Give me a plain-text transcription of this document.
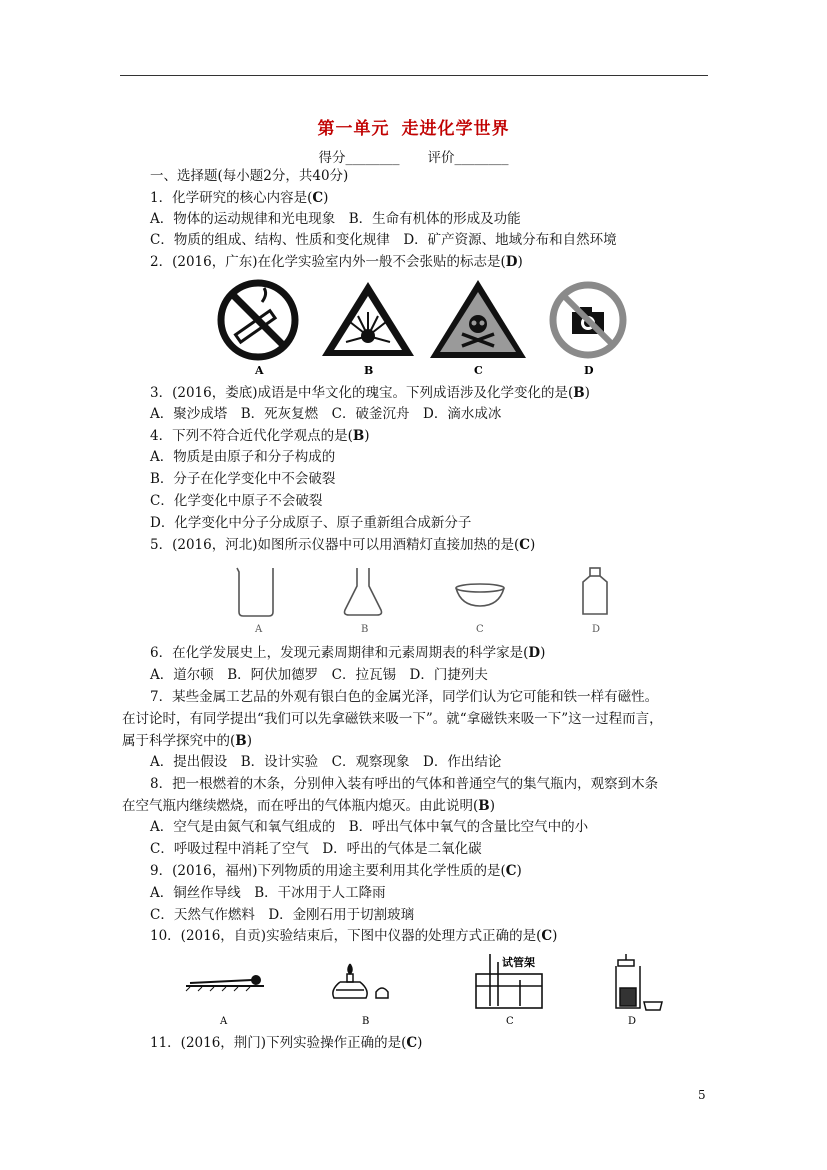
第一单元 走进化学世界
得分________ 评价________
一、选择题(每小题2分，共40分)
1．化学研究的核心内容是(C)
A．物体的运动规律和光电现象　B．生命有机体的形成及功能
C．物质的组成、结构、性质和变化规律　D．矿产资源、地域分布和自然环境
2．(2016，广东)在化学实验室内外一般不会张贴的标志是(D)
A	B	C	D
3．(2016，娄底)成语是中华文化的瑰宝。下列成语涉及化学变化的是(B)
A．聚沙成塔　B．死灰复燃　C．破釜沉舟　D．滴水成冰
4．下列不符合近代化学观点的是(B)
A．物质是由原子和分子构成的
B．分子在化学变化中不会破裂
C．化学变化中原子不会破裂
D．化学变化中分子分成原子、原子重新组合成新分子
5．(2016，河北)如图所示仪器中可以用酒精灯直接加热的是(C)
A	B	C	D
6．在化学发展史上，发现元素周期律和元素周期表的科学家是(D)
A．道尔顿　B．阿伏加德罗　C．拉瓦锡　D．门捷列夫
7．某些金属工艺品的外观有银白色的金属光泽，同学们认为它可能和铁一样有磁性。
在讨论时，有同学提出“我们可以先拿磁铁来吸一下”。就“拿磁铁来吸一下”这一过程而言，
属于科学探究中的(B)
A．提出假设　B．设计实验　C．观察现象　D．作出结论
8．把一根燃着的木条，分别伸入装有呼出的气体和普通空气的集气瓶内，观察到木条
在空气瓶内继续燃烧，而在呼出的气体瓶内熄灭。由此说明(B)
A．空气是由氮气和氧气组成的　B．呼出气体中氧气的含量比空气中的小
C．呼吸过程中消耗了空气　D．呼出的气体是二氧化碳
9．(2016，福州)下列物质的用途主要利用其化学性质的是(C)
A．铜丝作导线　B．干冰用于人工降雨
C．天然气作燃料　D．金刚石用于切割玻璃
10．(2016，自贡)实验结束后，下图中仪器的处理方式正确的是(C)
A	B
试管架
C	D
11．(2016，荆门)下列实验操作正确的是(C)
5
